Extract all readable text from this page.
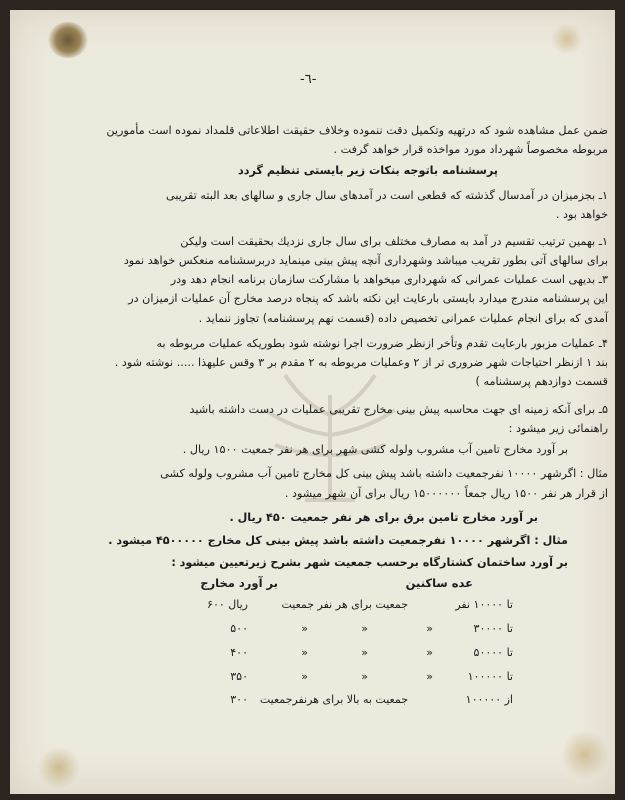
-٦-
ضمن عمل مشاهده شود که درتهیه وتکمیل دقت ننموده وخلاف حقیقت اطلاعاتی قلمداد نموده است مأمورین
مربوطه مخصوصاً شهرداد مورد مواخذه قرار خواهد گرفت .
پرسشنامه باتوجه بنکات زیر بایستی تنظیم گردد
۱ـ بجزمیزان در آمدسال گذشته که قطعی است در آمدهای سال جاری و سالهای بعد البته تقریبی
خواهد بود .
۱ـ بهمین ترتیب تقسیم در آمد به مصارف مختلف برای سال جاری نزدیك بحقیقت است ولیکن
برای سالهای آتی بطور تقریب میباشد وشهرداری آنچه پیش بینی مینماید دربرسشنامه منعکس خواهد نمود
۳ـ بدیهی است عملیات عمرانی که شهرداری میخواهد با مشارکت سازمان برنامه انجام دهد ودر
این پرسشنامه مندرج میدارد بایستی بارعایت این نکته باشد که پنجاه درصد مخارج آن عملیات ازمیزان در
آمدی که برای انجام عملیات عمرانی تخصیص داده (قسمت نهم پرسشنامه) تجاوز ننماید .
۴ـ عملیات مزبور بارعایت تقدم وتأخر ازنظر ضرورت اجرا نوشته شود بطوریکه عملیات مربوطه به
بند ۱ ازنظر احتیاجات شهر ضروری تر از ۲ وعملیات مربوطه به ۲ مقدم بر ۳ وقس علیهذا ..... نوشته شود .
قسمت دوازدهم پرسشنامه )
۵ـ برای آنکه زمینه ای جهت محاسبه پیش بینی مخارج تقریبی عملیات در دست داشته باشید
راهنمائی زیر میشود :
بر آورد مخارج تامین آب مشروب ولوله کشی شهر برای هر نفر جمعیت ۱۵۰۰ ریال .
مثال : اگرشهر ۱۰۰۰۰ نفرجمعیت داشته باشد پیش بینی کل مخارج تامین آب مشروب ولوله کشی
از قرار هر نفر ۱۵۰۰ ریال جمعاً ۱۵۰۰۰۰۰۰ ریال برای آن شهر میشود .
بر آورد مخارج تامین برق برای هر نفر جمعیت ۴۵۰ ریال .
مثال : اگرشهر ۱۰۰۰۰ نفرجمعیت داشته باشد پیش بینی کل مخارج ۴۵۰۰۰۰۰ میشود .
بر آورد ساختمان کشتارگاه برحسب جمعیت شهر بشرح زیرتعیین میشود :
عده ساکنین
بر آورد مخارج
تا ۱۰۰۰۰ نفر
جمعیت برای هر نفر جمعیت
۶۰۰ ریال
تا ۳۰۰۰۰
»
»
»
۵۰۰
تا ۵۰۰۰۰
»
»
»
۴۰۰
تا ۱۰۰۰۰۰
»
»
»
۳۵۰
از ۱۰۰۰۰۰
جمعیت به بالا برای هرنفرجمعیت
۳۰۰
